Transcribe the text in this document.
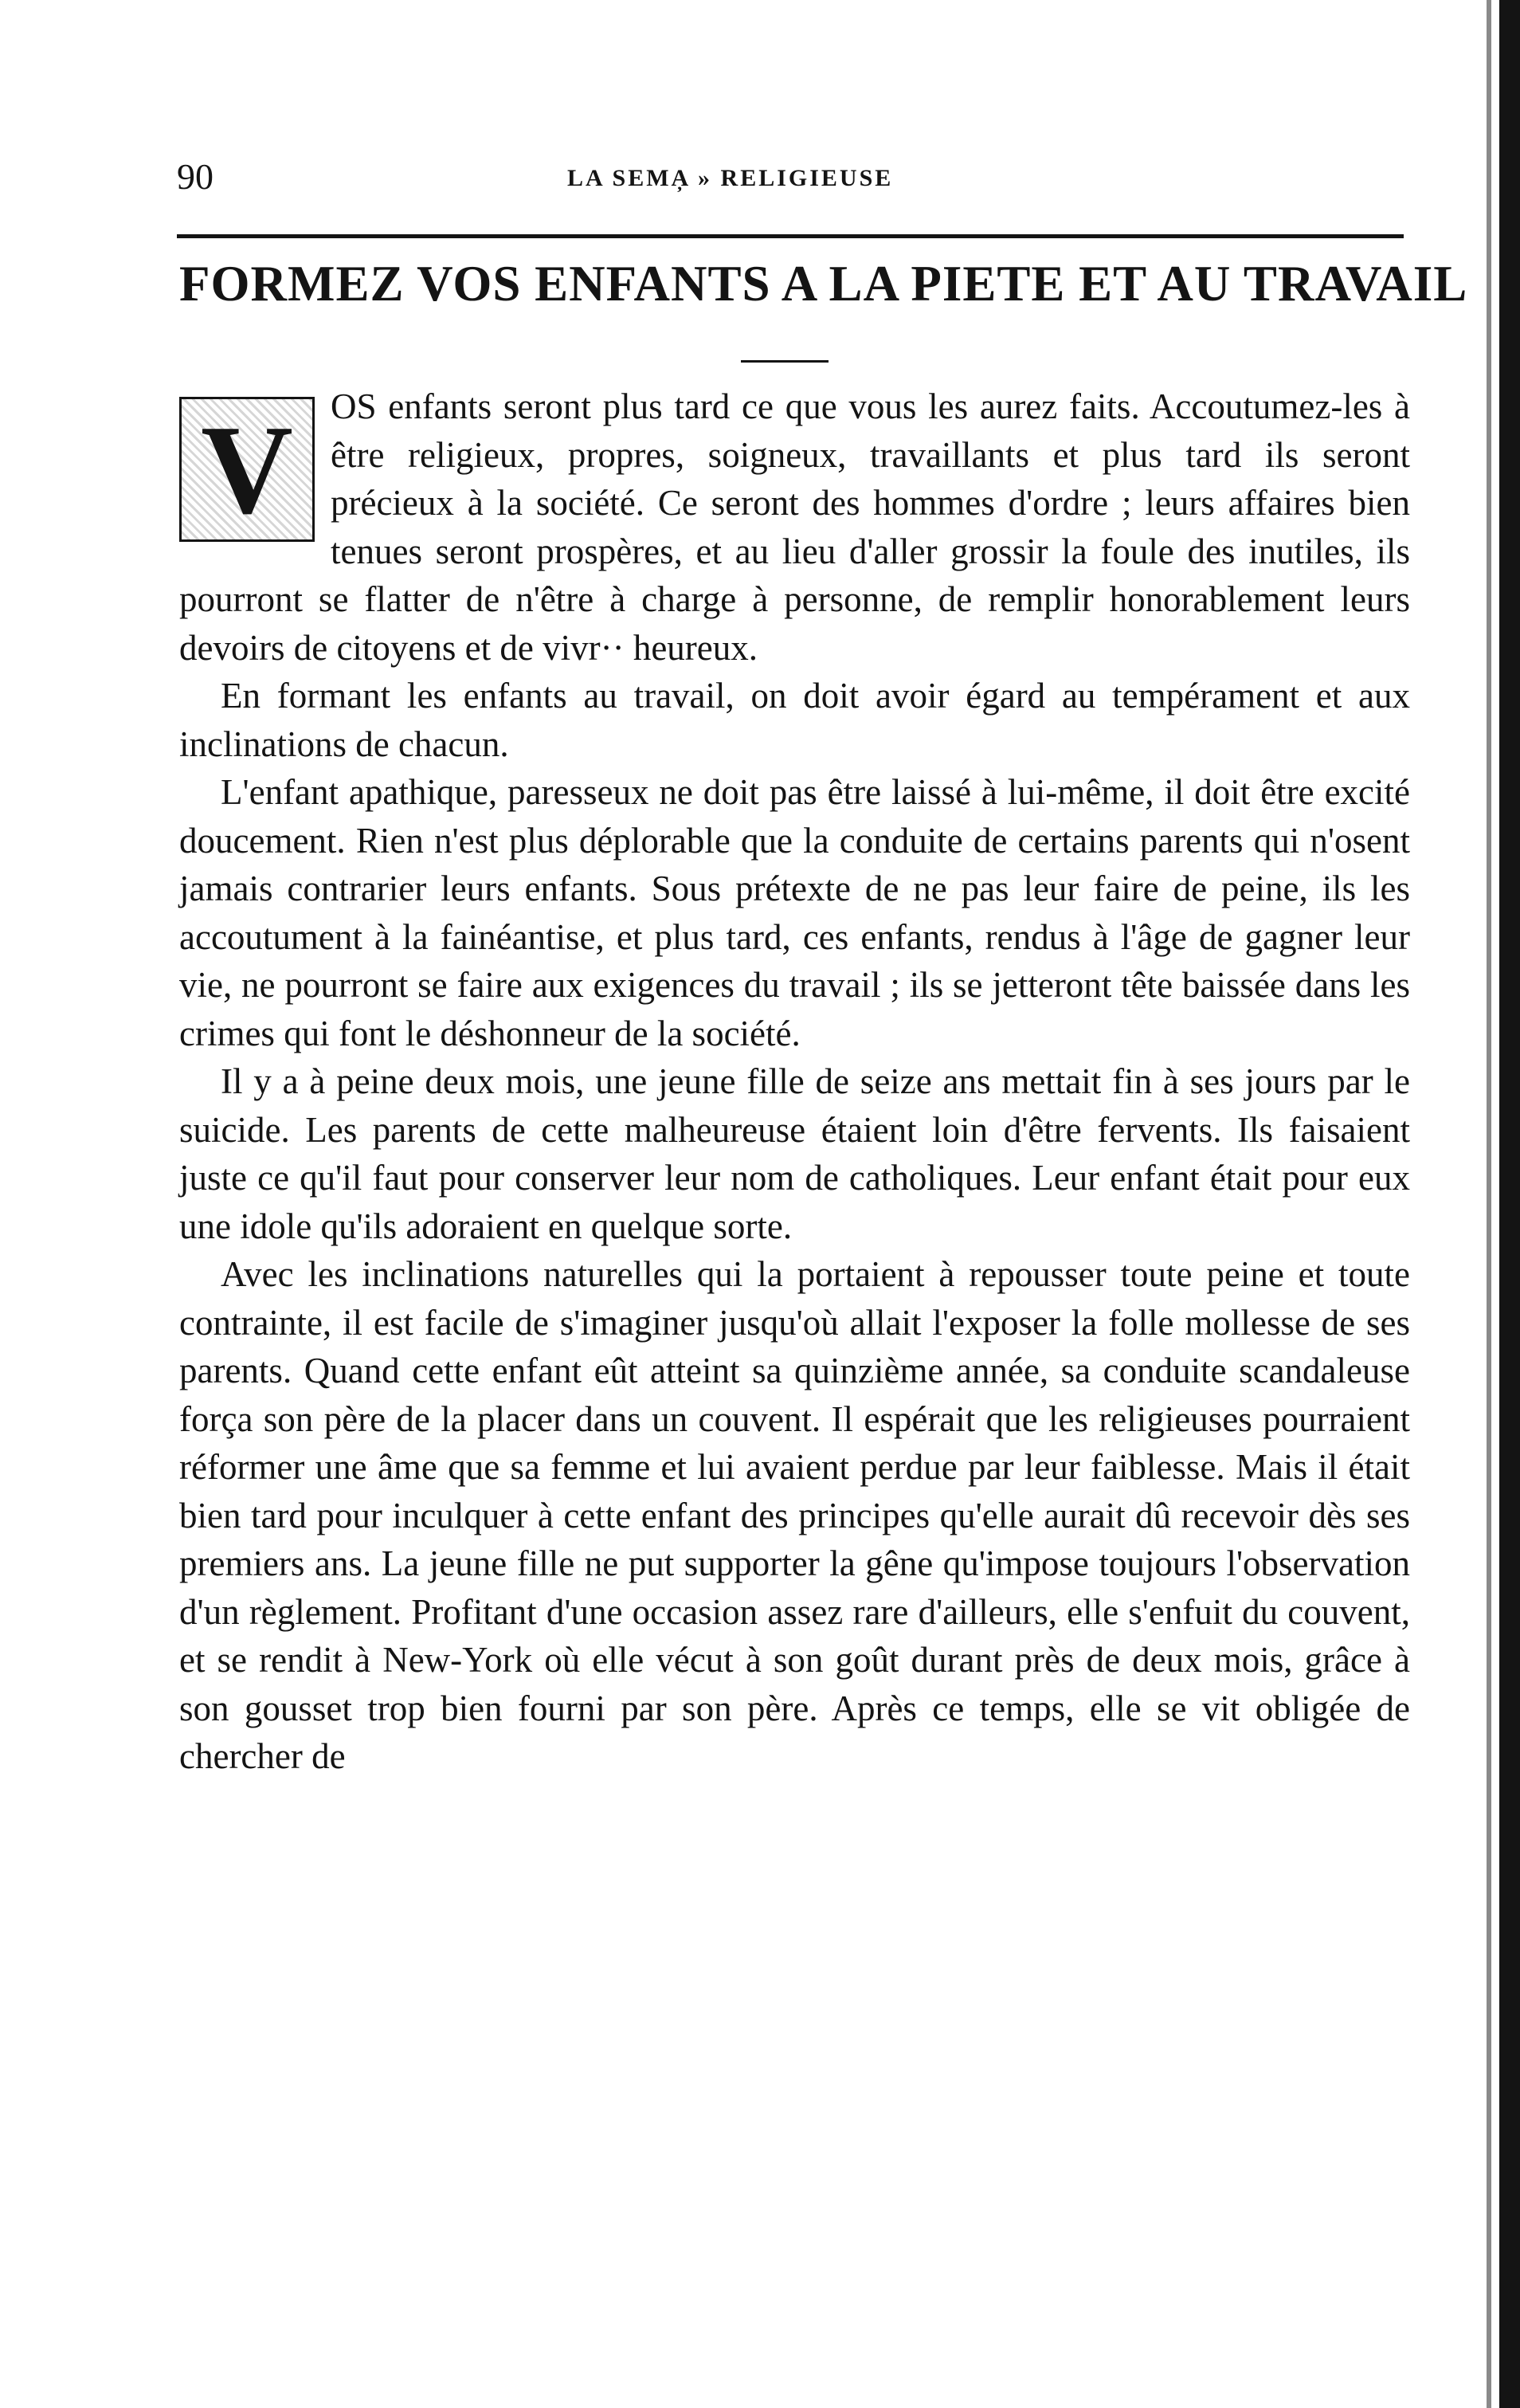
90	LA SEMA̦ » RELIGIEUSE
FORMEZ VOS ENFANTS A LA PIETE ET AU TRAVAIL

V	OS enfants seront plus tard ce que vous les aurez faits. Accoutumez-les à être religieux, propres, soigneux, travaillants et plus tard ils seront précieux à la société. Ce seront des hommes d'ordre ; leurs affaires bien tenues seront prospères, et au lieu d'aller grossir la foule des inutiles, ils pourront se flatter de n'être à charge à personne, de remplir honorablement leurs devoirs de citoyens et de vivr·· heureux.

En formant les enfants au travail, on doit avoir égard au tempérament et aux inclinations de chacun.

L'enfant apathique, paresseux ne doit pas être laissé à lui-même, il doit être excité doucement. Rien n'est plus déplorable que la conduite de certains parents qui n'osent jamais contrarier leurs enfants. Sous prétexte de ne pas leur faire de peine, ils les accoutument à la fainéantise, et plus tard, ces enfants, rendus à l'âge de gagner leur vie, ne pourront se faire aux exigences du travail ; ils se jetteront tête baissée dans les crimes qui font le déshonneur de la société.

Il y a à peine deux mois, une jeune fille de seize ans mettait fin à ses jours par le suicide. Les parents de cette malheureuse étaient loin d'être fervents. Ils faisaient juste ce qu'il faut pour conserver leur nom de catholiques. Leur enfant était pour eux une idole qu'ils adoraient en quelque sorte.

Avec les inclinations naturelles qui la portaient à repousser toute peine et toute contrainte, il est facile de s'imaginer jusqu'où allait l'exposer la folle mollesse de ses parents. Quand cette enfant eût atteint sa quinzième année, sa conduite scandaleuse força son père de la placer dans un couvent. Il espérait que les religieuses pourraient réformer une âme que sa femme et lui avaient perdue par leur faiblesse. Mais il était bien tard pour inculquer à cette enfant des principes qu'elle aurait dû recevoir dès ses premiers ans. La jeune fille ne put supporter la gêne qu'impose toujours l'observation d'un règlement. Profitant d'une occasion assez rare d'ailleurs, elle s'enfuit du couvent, et se rendit à New-York où elle vécut à son goût durant près de deux mois, grâce à son gousset trop bien fourni par son père. Après ce temps, elle se vit obligée de chercher de
